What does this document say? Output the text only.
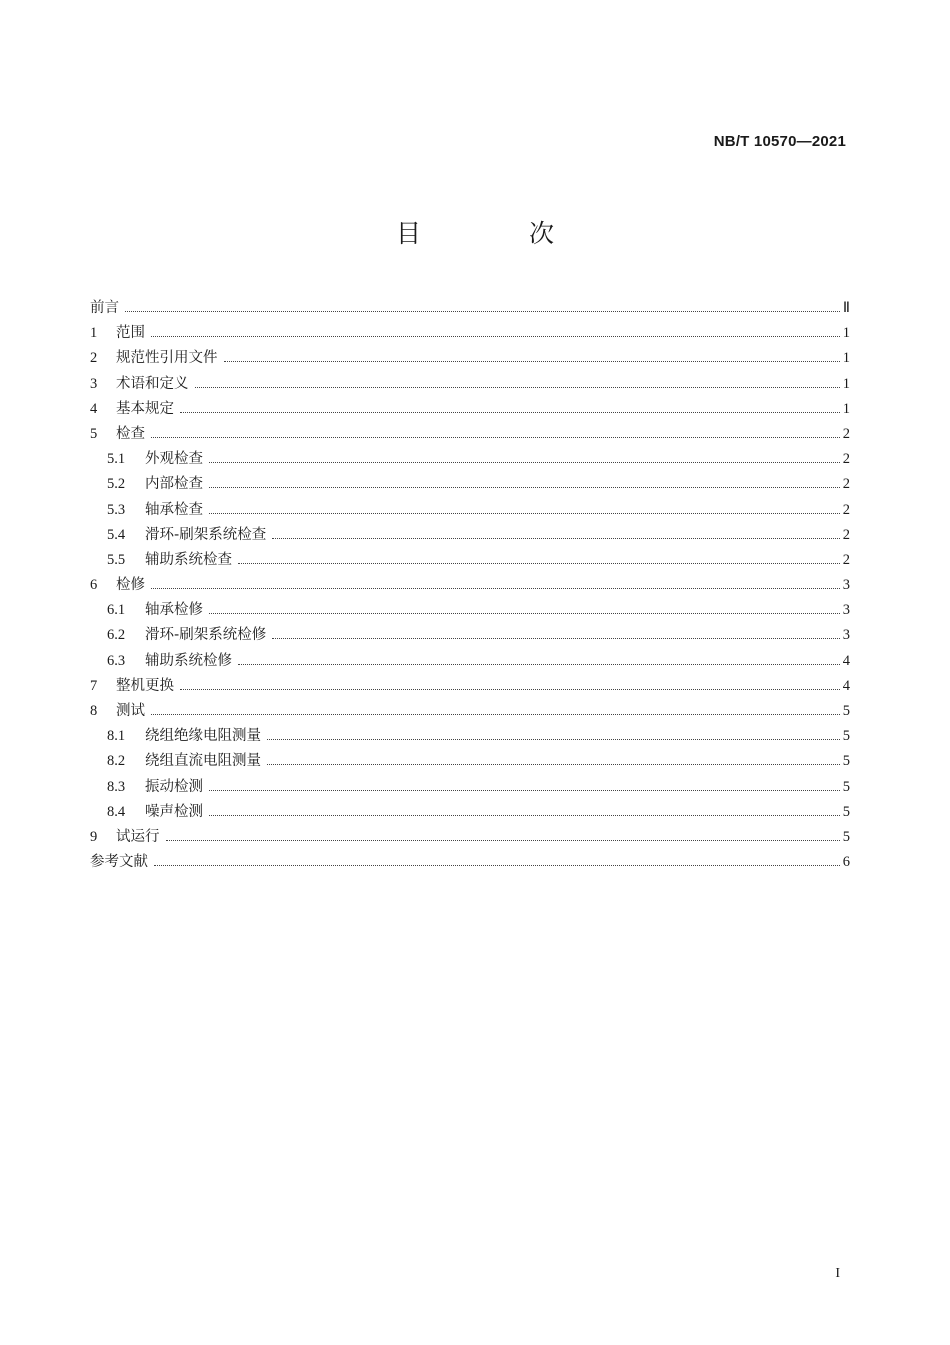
NB/T 10570—2021
目 次
前言	Ⅱ
1	范围	1
2	规范性引用文件	1
3	术语和定义	1
4	基本规定	1
5	检查	2
5.1	外观检查	2
5.2	内部检查	2
5.3	轴承检查	2
5.4	滑环-刷架系统检查	2
5.5	辅助系统检查	2
6	检修	3
6.1	轴承检修	3
6.2	滑环-刷架系统检修	3
6.3	辅助系统检修	4
7	整机更换	4
8	测试	5
8.1	绕组绝缘电阻测量	5
8.2	绕组直流电阻测量	5
8.3	振动检测	5
8.4	噪声检测	5
9	试运行	5
参考文献	6
I
